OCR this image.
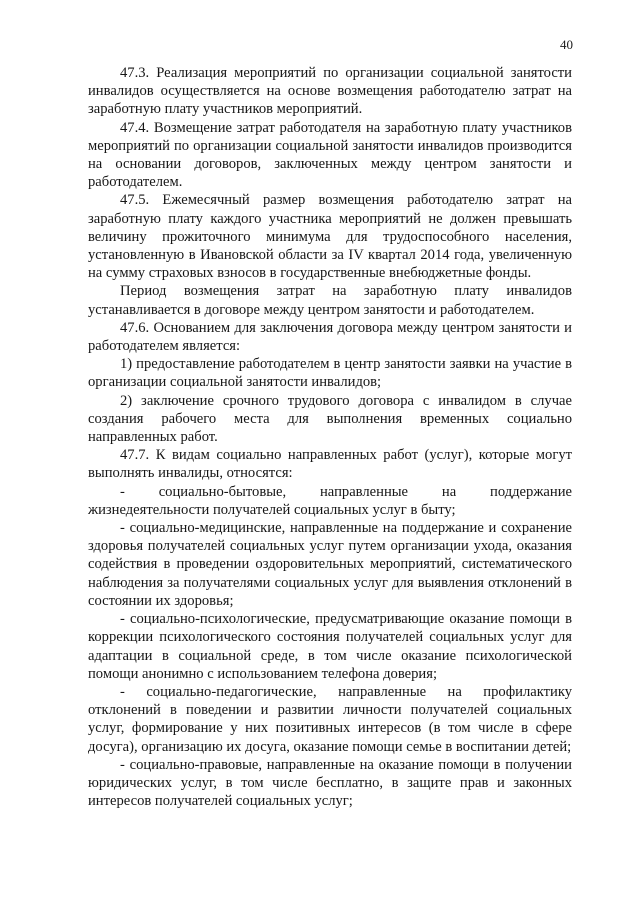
40

47.3. Реализация мероприятий по организации социальной занятости инвалидов осуществляется на основе возмещения работодателю затрат на заработную плату участников мероприятий.

47.4. Возмещение затрат работодателя на заработную плату участников мероприятий по организации социальной занятости инвалидов производится на основании договоров, заключенных между центром занятости и работодателем.

47.5. Ежемесячный размер возмещения работодателю затрат на заработную плату каждого участника мероприятий не должен превышать величину прожиточного минимума для трудоспособного населения, установленную в Ивановской области за IV квартал 2014 года, увеличенную на сумму страховых взносов в государственные внебюджетные фонды.

Период возмещения затрат на заработную плату инвалидов устанавливается в договоре между центром занятости и работодателем.

47.6. Основанием для заключения договора между центром занятости и работодателем является:

1) предоставление работодателем в центр занятости заявки на участие в организации социальной занятости инвалидов;

2) заключение срочного трудового договора с инвалидом в случае создания рабочего места для выполнения временных социально направленных работ.

47.7. К видам социально направленных работ (услуг), которые могут выполнять инвалиды, относятся:

- социально-бытовые, направленные на поддержание жизнедеятельности получателей социальных услуг в быту;

- социально-медицинские, направленные на поддержание и сохранение здоровья получателей социальных услуг путем организации ухода, оказания содействия в проведении оздоровительных мероприятий, систематического наблюдения за получателями социальных услуг для выявления отклонений в состоянии их здоровья;

- социально-психологические, предусматривающие оказание помощи в коррекции психологического состояния получателей социальных услуг для адаптации в социальной среде, в том числе оказание психологической помощи анонимно с использованием телефона доверия;

- социально-педагогические, направленные на профилактику отклонений в поведении и развитии личности получателей социальных услуг, формирование у них позитивных интересов (в том числе в сфере досуга), организацию их досуга, оказание помощи семье в воспитании детей;

- социально-правовые, направленные на оказание помощи в получении юридических услуг, в том числе бесплатно, в защите прав и законных интересов получателей социальных услуг;
